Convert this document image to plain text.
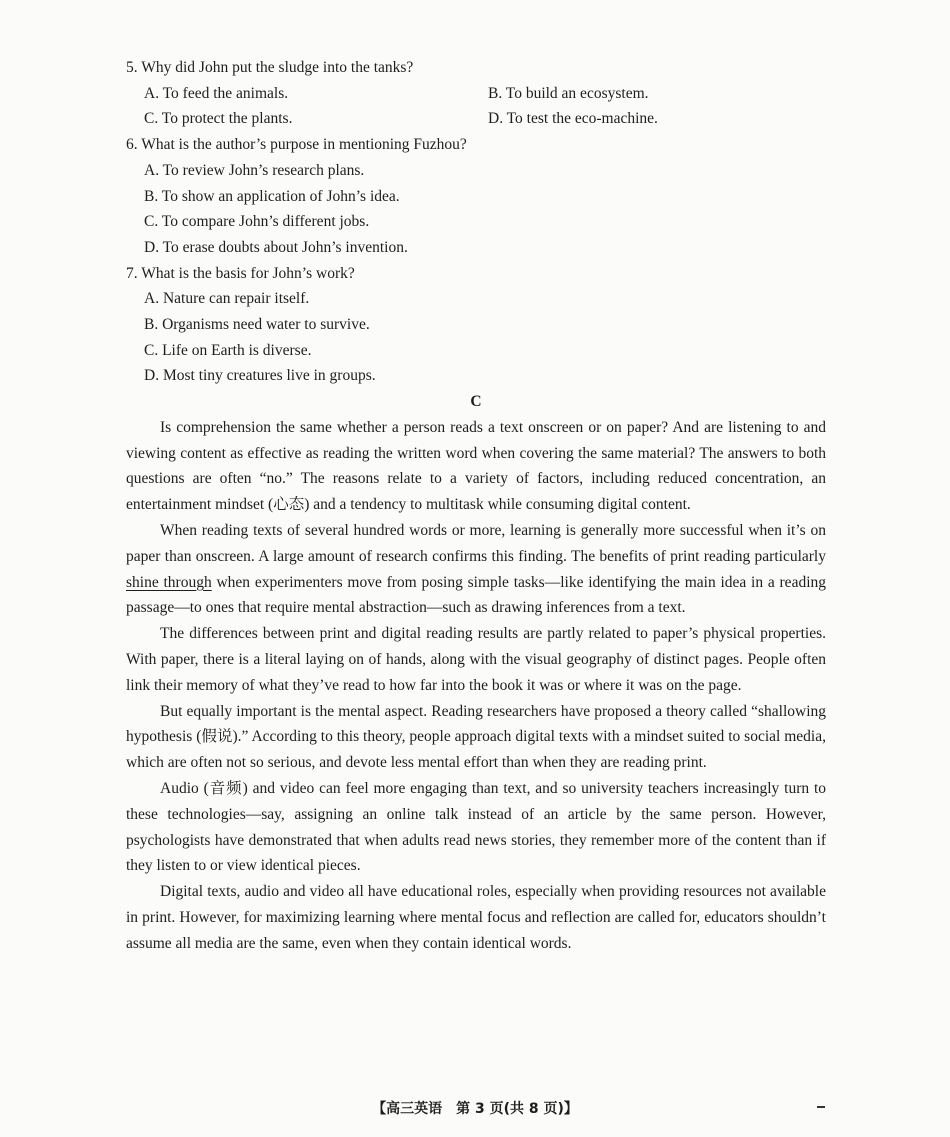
5. Why did John put the sludge into the tanks?

A. To feed the animals.	B. To build an ecosystem.
C. To protect the plants.	D. To test the eco-machine.

6. What is the author’s purpose in mentioning Fuzhou?

A. To review John’s research plans.

B. To show an application of John’s idea.

C. To compare John’s different jobs.

D. To erase doubts about John’s invention.

7. What is the basis for John’s work?

A. Nature can repair itself.

B. Organisms need water to survive.

C. Life on Earth is diverse.

D. Most tiny creatures live in groups.

C

Is comprehension the same whether a person reads a text onscreen or on paper? And are listening to and viewing content as effective as reading the written word when covering the same material? The answers to both questions are often “no.” The reasons relate to a variety of factors, including reduced concentration, an entertainment mindset (心态) and a tendency to multitask while consuming digital content.

When reading texts of several hundred words or more, learning is generally more successful when it’s on paper than onscreen. A large amount of research confirms this finding. The benefits of print reading particularly shine through when experimenters move from posing simple tasks—like identifying the main idea in a reading passage—to ones that require mental abstraction—such as drawing inferences from a text.

The differences between print and digital reading results are partly related to paper’s physical properties. With paper, there is a literal laying on of hands, along with the visual geography of distinct pages. People often link their memory of what they’ve read to how far into the book it was or where it was on the page.

But equally important is the mental aspect. Reading researchers have proposed a theory called “shallowing hypothesis (假说).” According to this theory, people approach digital texts with a mindset suited to social media, which are often not so serious, and devote less mental effort than when they are reading print.

Audio (音频) and video can feel more engaging than text, and so university teachers increasingly turn to these technologies—say, assigning an online talk instead of an article by the same person. However, psychologists have demonstrated that when adults read news stories, they remember more of the content than if they listen to or view identical pieces.

Digital texts, audio and video all have educational roles, especially when providing resources not available in print. However, for maximizing learning where mental focus and reflection are called for, educators shouldn’t assume all media are the same, even when they contain identical words.

【高三英语　第 3 页(共 8 页)】
